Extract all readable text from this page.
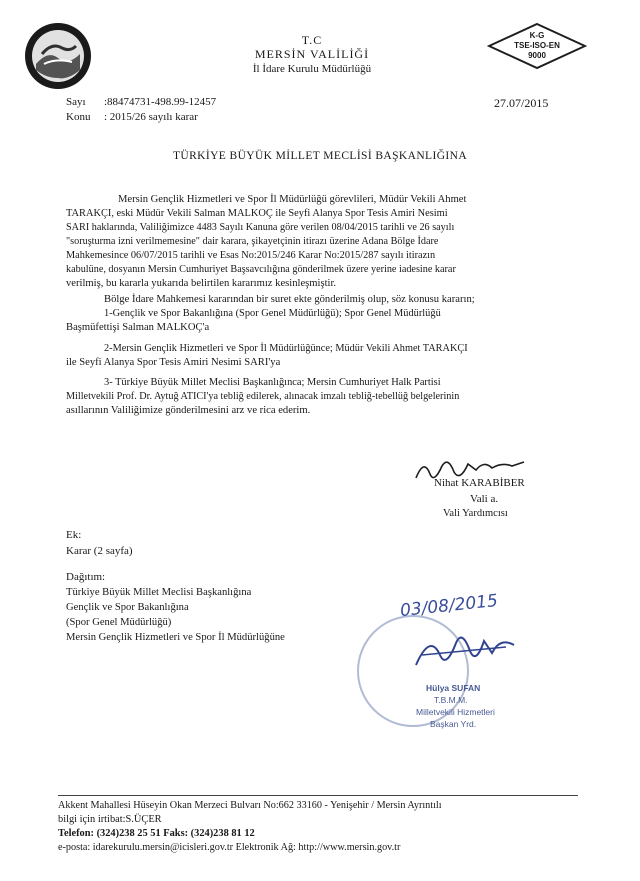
T.C
MERSİN VALİLİĞİ
İl İdare Kurulu Müdürlüğü
K-G
TSE-ISO-EN
9000
Sayı :88474731-498.99-12457	27.07/2015
Konu : 2015/26 sayılı karar
TÜRKİYE BÜYÜK MİLLET MECLİSİ BAŞKANLIĞINA
Mersin Gençlik Hizmetleri ve Spor İl Müdürlüğü görevlileri, Müdür Vekili Ahmet
TARAKÇI, eski Müdür Vekili Salman MALKOÇ ile Seyfi Alanya Spor Tesis Amiri Nesimi
SARI haklarında, Valiliğimizce 4483 Sayılı Kanuna göre verilen 08/04/2015 tarihli ve 26 sayılı
"soruşturma izni verilmemesine" dair karara, şikayetçinin itirazı üzerine Adana Bölge İdare
Mahkemesince 06/07/2015 tarihli ve Esas No:2015/246 Karar No:2015/287 sayılı itirazın
kabulüne, dosyanın Mersin Cumhuriyet Başsavcılığına gönderilmek üzere yerine iadesine karar
verilmiş, bu kararla yukarıda belirtilen kararımız kesinleşmiştir.
Bölge İdare Mahkemesi kararından bir suret ekte gönderilmiş olup, söz konusu kararın;
1-Gençlik ve Spor Bakanlığına (Spor Genel Müdürlüğü); Spor Genel Müdürlüğü
Başmüfettişi Salman MALKOÇ'a
2-Mersin Gençlik Hizmetleri ve Spor İl Müdürlüğünce; Müdür Vekili Ahmet TARAKÇI
ile Seyfi Alanya Spor Tesis Amiri Nesimi SARI'ya
3- Türkiye Büyük Millet Meclisi Başkanlığınca; Mersin Cumhuriyet Halk Partisi
Milletvekili Prof. Dr. Aytuğ ATICI'ya tebliğ edilerek, alınacak imzalı tebliğ-tebellüğ belgelerinin
asıllarının Valiliğimize gönderilmesini arz ve rica ederim.
Nihat KARABİBER
Vali a.
Vali Yardımcısı
Ek:
Karar (2 sayfa)
Dağıtım:
Türkiye Büyük Millet Meclisi Başkanlığına
Gençlik ve Spor Bakanlığına
(Spor Genel Müdürlüğü)
Mersin Gençlik Hizmetleri ve Spor İl Müdürlüğüne
03/08/2015
Hülya SUFAN
T.B.M.M.
Milletvekili Hizmetleri
Başkan Yrd.
Akkent Mahallesi Hüseyin Okan Merzeci Bulvarı No:662 33160 - Yenişehir / Mersin Ayrıntılı
bilgi için irtibat:S.ÜÇER
Telefon: (324)238 25 51 Faks: (324)238 81 12
e-posta: idarekurulu.mersin@icisleri.gov.tr Elektronik Ağ: http://www.mersin.gov.tr
